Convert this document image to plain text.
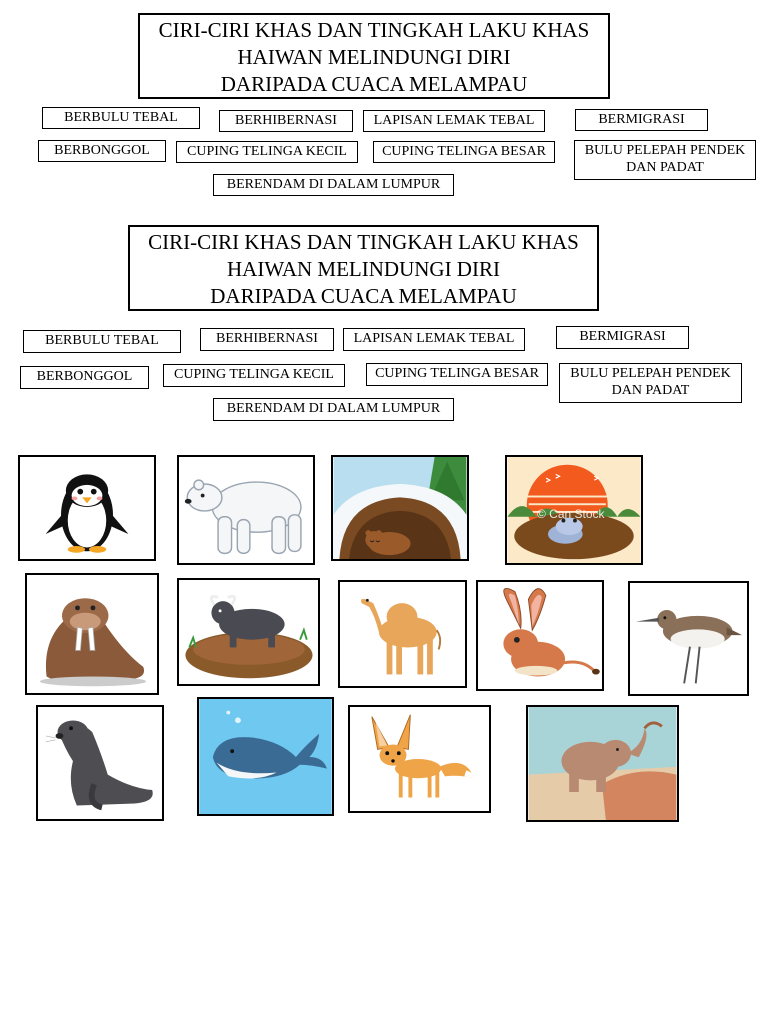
CIRI-CIRI KHAS DAN TINGKAH LAKU KHAS
HAIWAN MELINDUNGI DIRI
DARIPADA CUACA MELAMPAU
BERBULU TEBAL	BERHIBERNASI	LAPISAN LEMAK TEBAL	BERMIGRASI
BERBONGGOL	CUPING TELINGA KECIL	CUPING TELINGA BESAR	BULU PELEPAH PENDEK
DAN PADAT
BERENDAM DI DALAM LUMPUR
CIRI-CIRI KHAS DAN TINGKAH LAKU KHAS
HAIWAN MELINDUNGI DIRI
DARIPADA CUACA MELAMPAU
BERBULU TEBAL	BERHIBERNASI	LAPISAN LEMAK TEBAL	BERMIGRASI
BERBONGGOL	CUPING TELINGA KECIL	CUPING TELINGA BESAR	BULU PELEPAH PENDEK
DAN PADAT
BERENDAM DI DALAM LUMPUR
© Can Stock
